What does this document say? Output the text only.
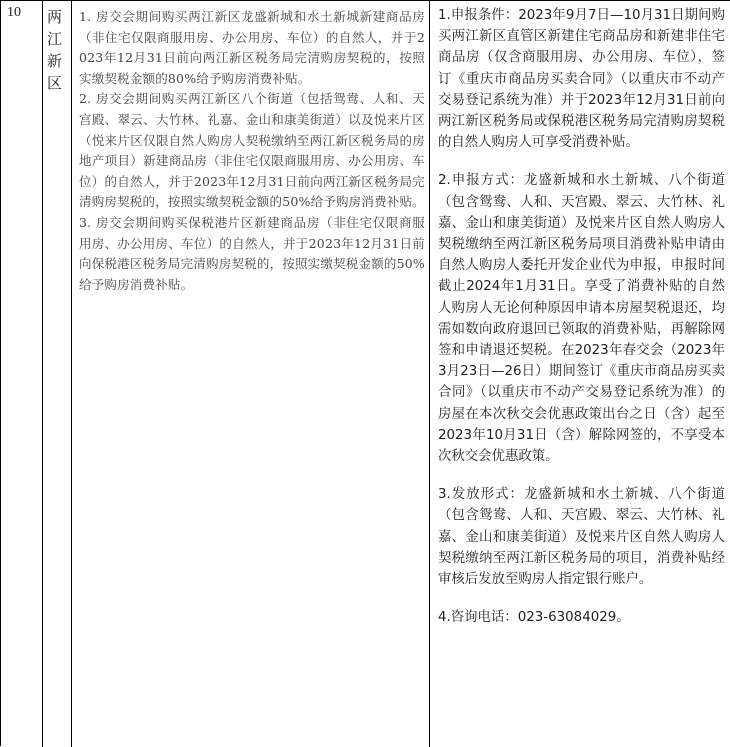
10 两江新区

1. 房交会期间购买两江新区龙盛新城和水土新城新建商品房（非住宅仅限商服用房、办公用房、车位）的自然人，并于2023年12月31日前向两江新区税务局完清购房契税的，按照实缴契税金额的80%给予购房消费补贴。

2. 房交会期间购买两江新区八个街道（包括鸳鸯、人和、天宫殿、翠云、大竹林、礼嘉、金山和康美街道）以及悦来片区（悦来片区仅限自然人购房人契税缴纳至两江新区税务局的房地产项目）新建商品房（非住宅仅限商服用房、办公用房、车位）的自然人，并于2023年12月31日前向两江新区税务局完清购房契税的，按照实缴契税金额的50%给予购房消费补贴。

3. 房交会期间购买保税港片区新建商品房（非住宅仅限商服用房、办公用房、车位）的自然人，并于2023年12月31日前向保税港区税务局完清购房契税的，按照实缴契税金额的50%给予购房消费补贴。

1.申报条件：2023年9月7日—10月31日期间购买两江新区直管区新建住宅商品房和新建非住宅商品房（仅含商服用房、办公用房、车位），签订《重庆市商品房买卖合同》（以重庆市不动产交易登记系统为准）并于2023年12月31日前向两江新区税务局或保税港区税务局完清购房契税的自然人购房人可享受消费补贴。

2.申报方式：龙盛新城和水土新城、八个街道（包含鸳鸯、人和、天宫殿、翠云、大竹林、礼嘉、金山和康美街道）及悦来片区自然人购房人契税缴纳至两江新区税务局项目消费补贴申请由自然人购房人委托开发企业代为申报，申报时间截止2024年1月31日。享受了消费补贴的自然人购房人无论何种原因申请本房屋契税退还，均需如数向政府退回已领取的消费补贴，再解除网签和申请退还契税。在2023年春交会（2023年3月23日—26日）期间签订《重庆市商品房买卖合同》（以重庆市不动产交易登记系统为准）的房屋在本次秋交会优惠政策出台之日（含）起至2023年10月31日（含）解除网签的，不享受本次秋交会优惠政策。

3.发放形式：龙盛新城和水土新城、八个街道（包含鸳鸯、人和、天宫殿、翠云、大竹林、礼嘉、金山和康美街道）及悦来片区自然人购房人契税缴纳至两江新区税务局的项目，消费补贴经审核后发放至购房人指定银行账户。

4.咨询电话：023-63084029。
